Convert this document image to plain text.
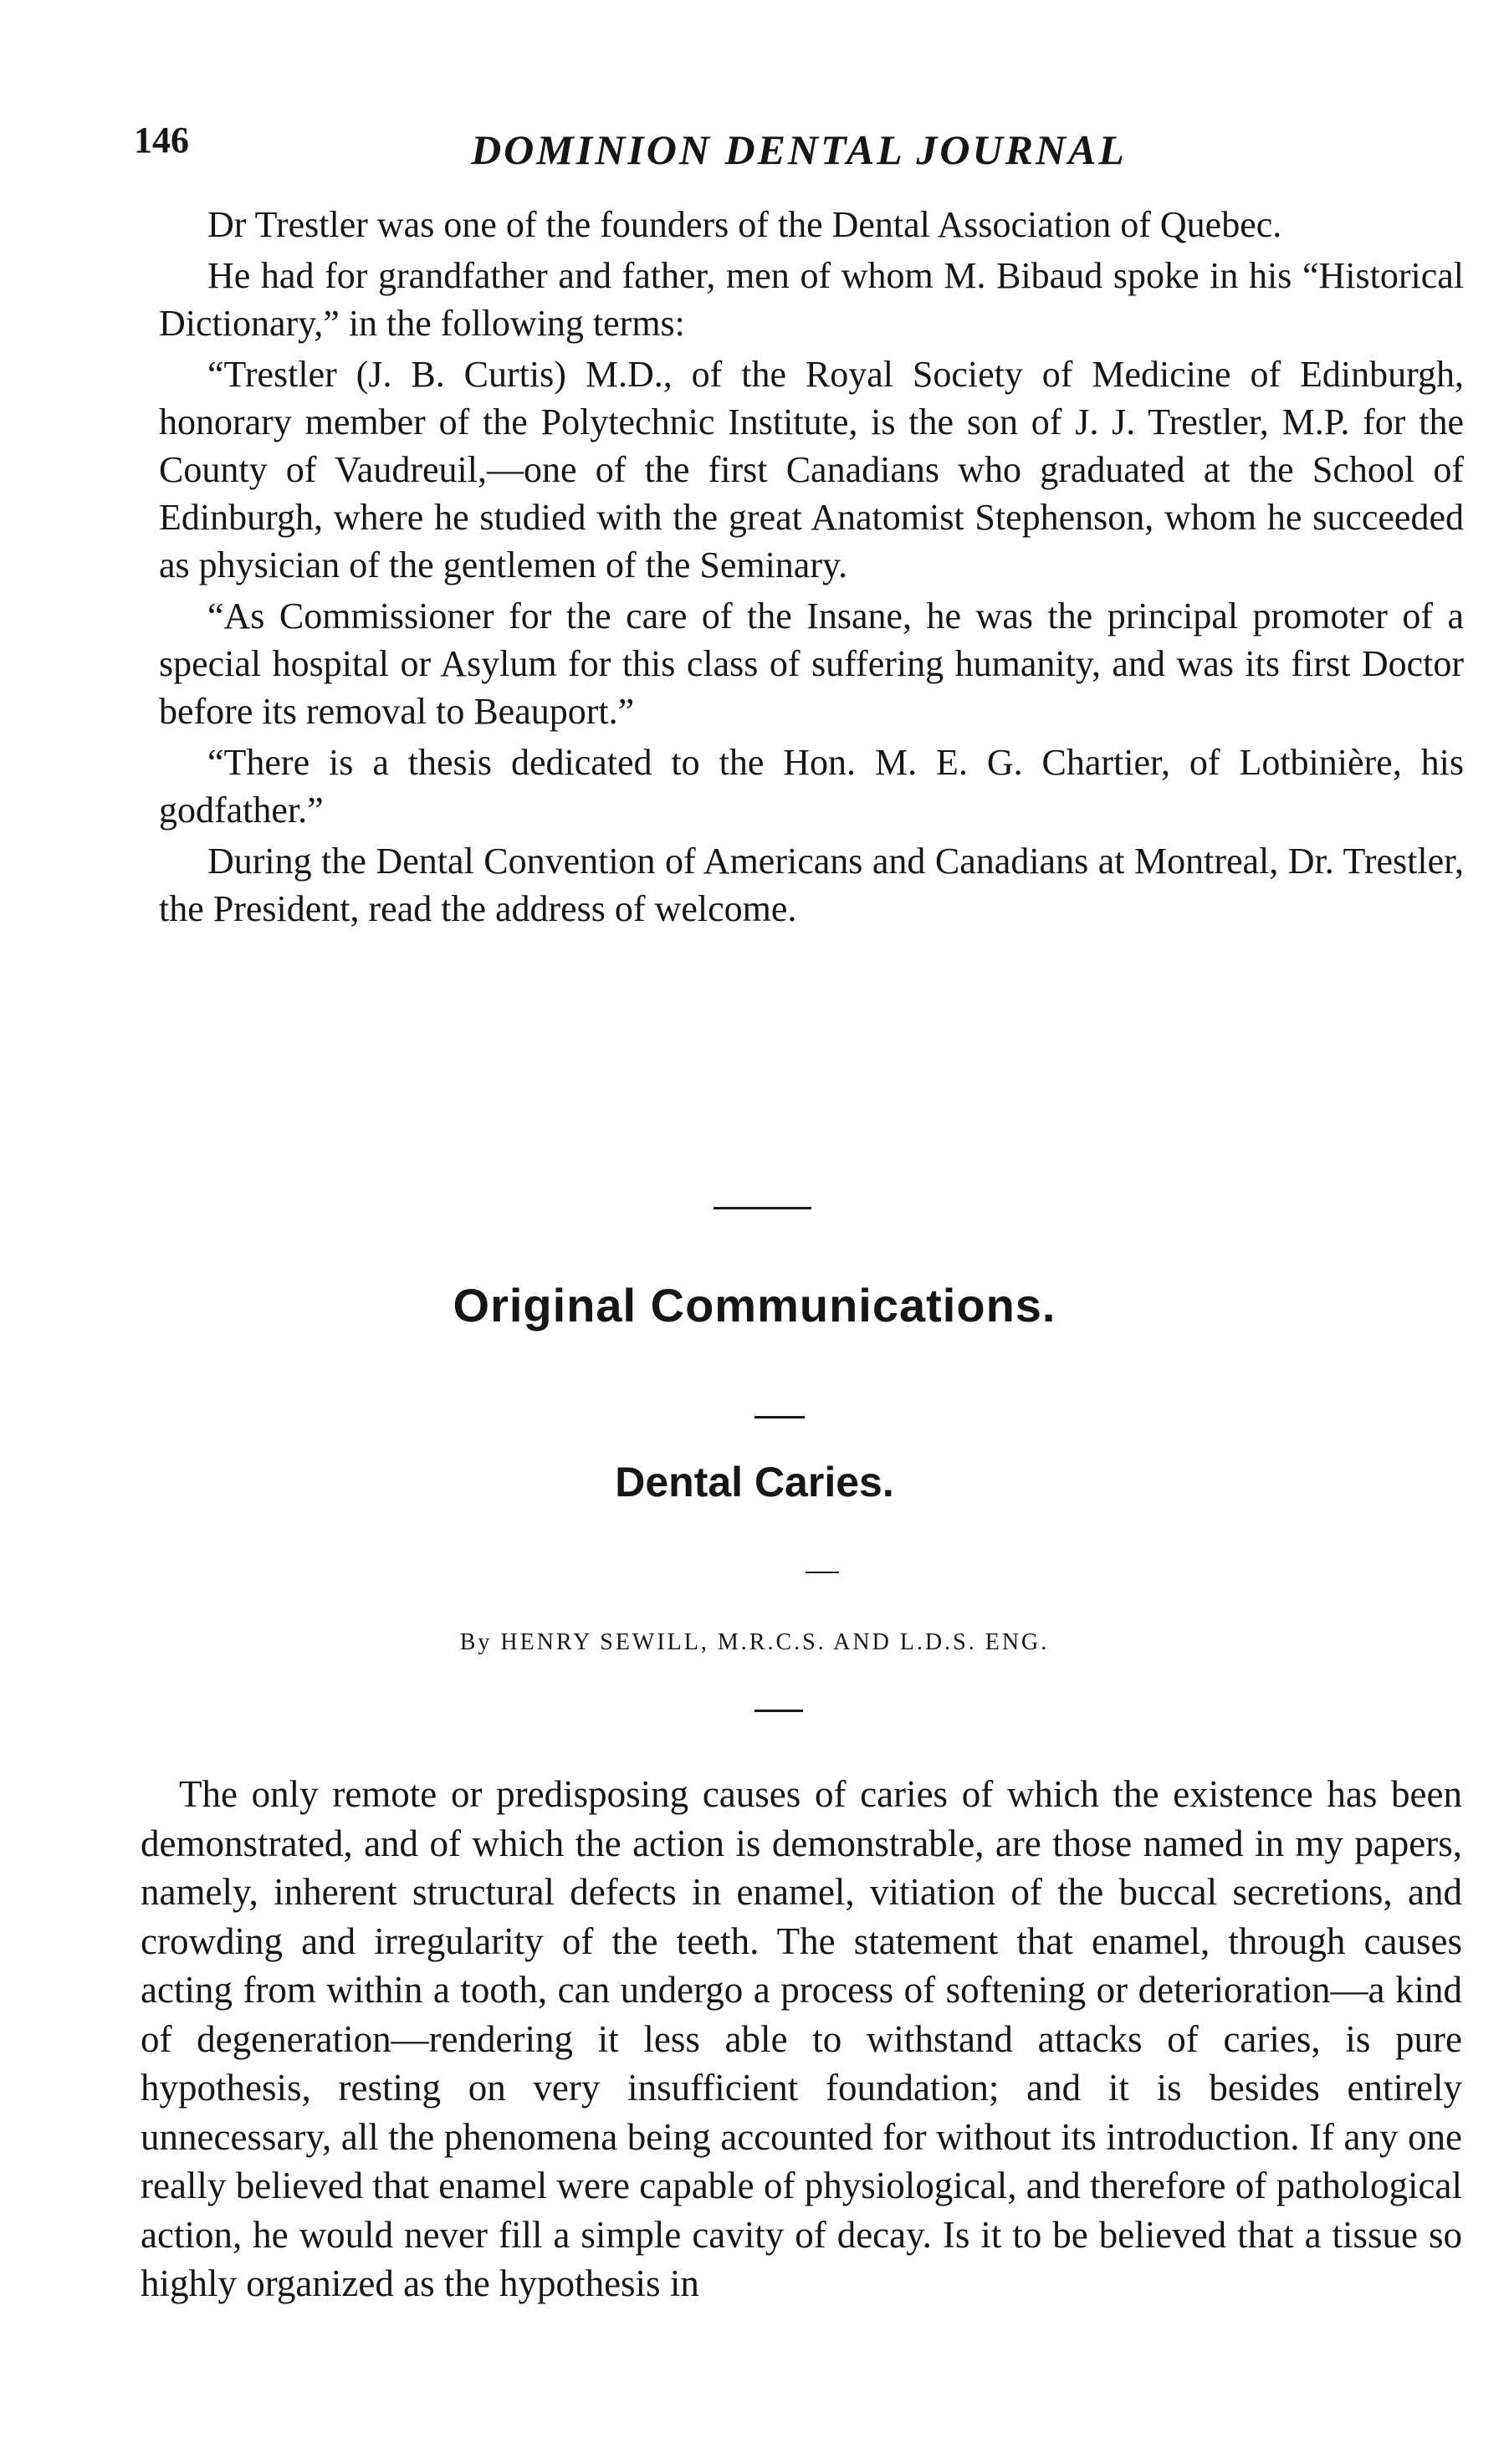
146	DOMINION DENTAL JOURNAL

Dr Trestler was one of the founders of the Dental Association of Quebec.

He had for grandfather and father, men of whom M. Bibaud spoke in his “Historical Dictionary,” in the following terms:

“Trestler (J. B. Curtis) M.D., of the Royal Society of Medicine of Edinburgh, honorary member of the Polytechnic Institute, is the son of J. J. Trestler, M.P. for the County of Vaudreuil,—one of the first Canadians who graduated at the School of Edinburgh, where he studied with the great Anatomist Stephenson, whom he succeeded as physician of the gentlemen of the Seminary.

“As Commissioner for the care of the Insane, he was the principal promoter of a special hospital or Asylum for this class of suffering humanity, and was its first Doctor before its removal to Beauport.”

“There is a thesis dedicated to the Hon. M. E. G. Chartier, of Lotbinière, his godfather.”

During the Dental Convention of Americans and Canadians at Montreal, Dr. Trestler, the President, read the address of welcome.

Original Communications.
Dental Caries.

By HENRY SEWILL, M.R.C.S. AND L.D.S. ENG.

The only remote or predisposing causes of caries of which the existence has been demonstrated, and of which the action is demonstrable, are those named in my papers, namely, inherent structural defects in enamel, vitiation of the buccal secretions, and crowding and irregularity of the teeth. The statement that enamel, through causes acting from within a tooth, can undergo a process of softening or deterioration—a kind of degeneration—rendering it less able to withstand attacks of caries, is pure hypothesis, resting on very insufficient foundation; and it is besides entirely unnecessary, all the phenomena being accounted for without its introduction. If any one really believed that enamel were capable of physiological, and therefore of pathological action, he would never fill a simple cavity of decay. Is it to be believed that a tissue so highly organized as the hypothesis in
